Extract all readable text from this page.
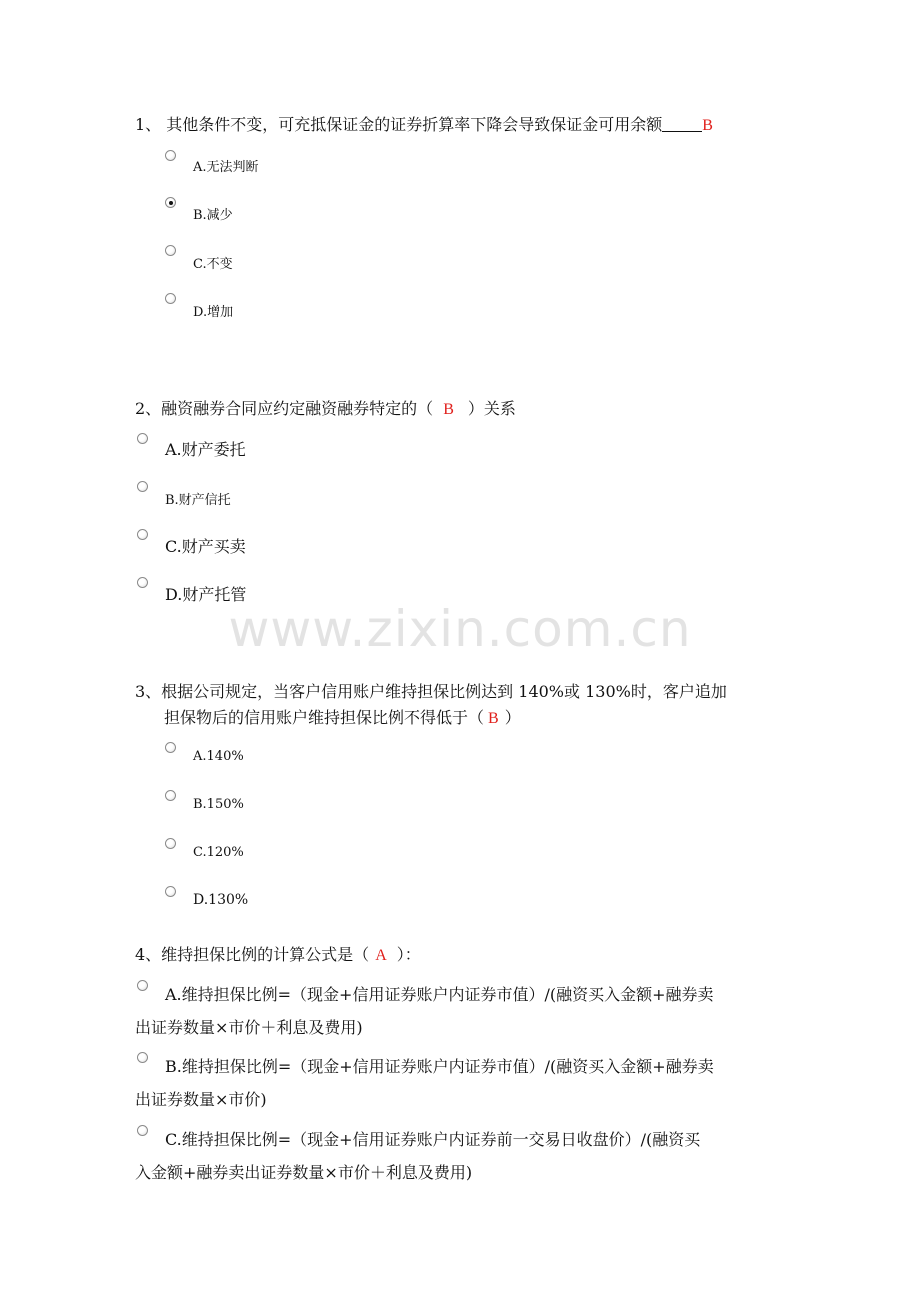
www.zixin.com.cn
1、 其他条件不变，可充抵保证金的证券折算率下降会导致保证金可用余额	B
A.无法判断
B.减少
C.不变
D.增加
2、融资融券合同应约定融资融券特定的（ B ）关系
A.财产委托
B.财产信托
C.财产买卖
D.财产托管
3、根据公司规定，当客户信用账户维持担保比例达到 140%或 130%时，客户追加
担保物后的信用账户维持担保比例不得低于（ B ）
A.140%
B.150%
C.120%
D.130%
4、维持担保比例的计算公式是（ A ）：
A.维持担保比例=（现金+信用证券账户内证券市值）/(融资买入金额+融券卖
出证券数量×市价＋利息及费用)
B.维持担保比例=（现金+信用证券账户内证券市值）/(融资买入金额+融券卖
出证券数量×市价)
C.维持担保比例=（现金+信用证券账户内证券前一交易日收盘价）/(融资买
入金额+融券卖出证券数量×市价＋利息及费用)
